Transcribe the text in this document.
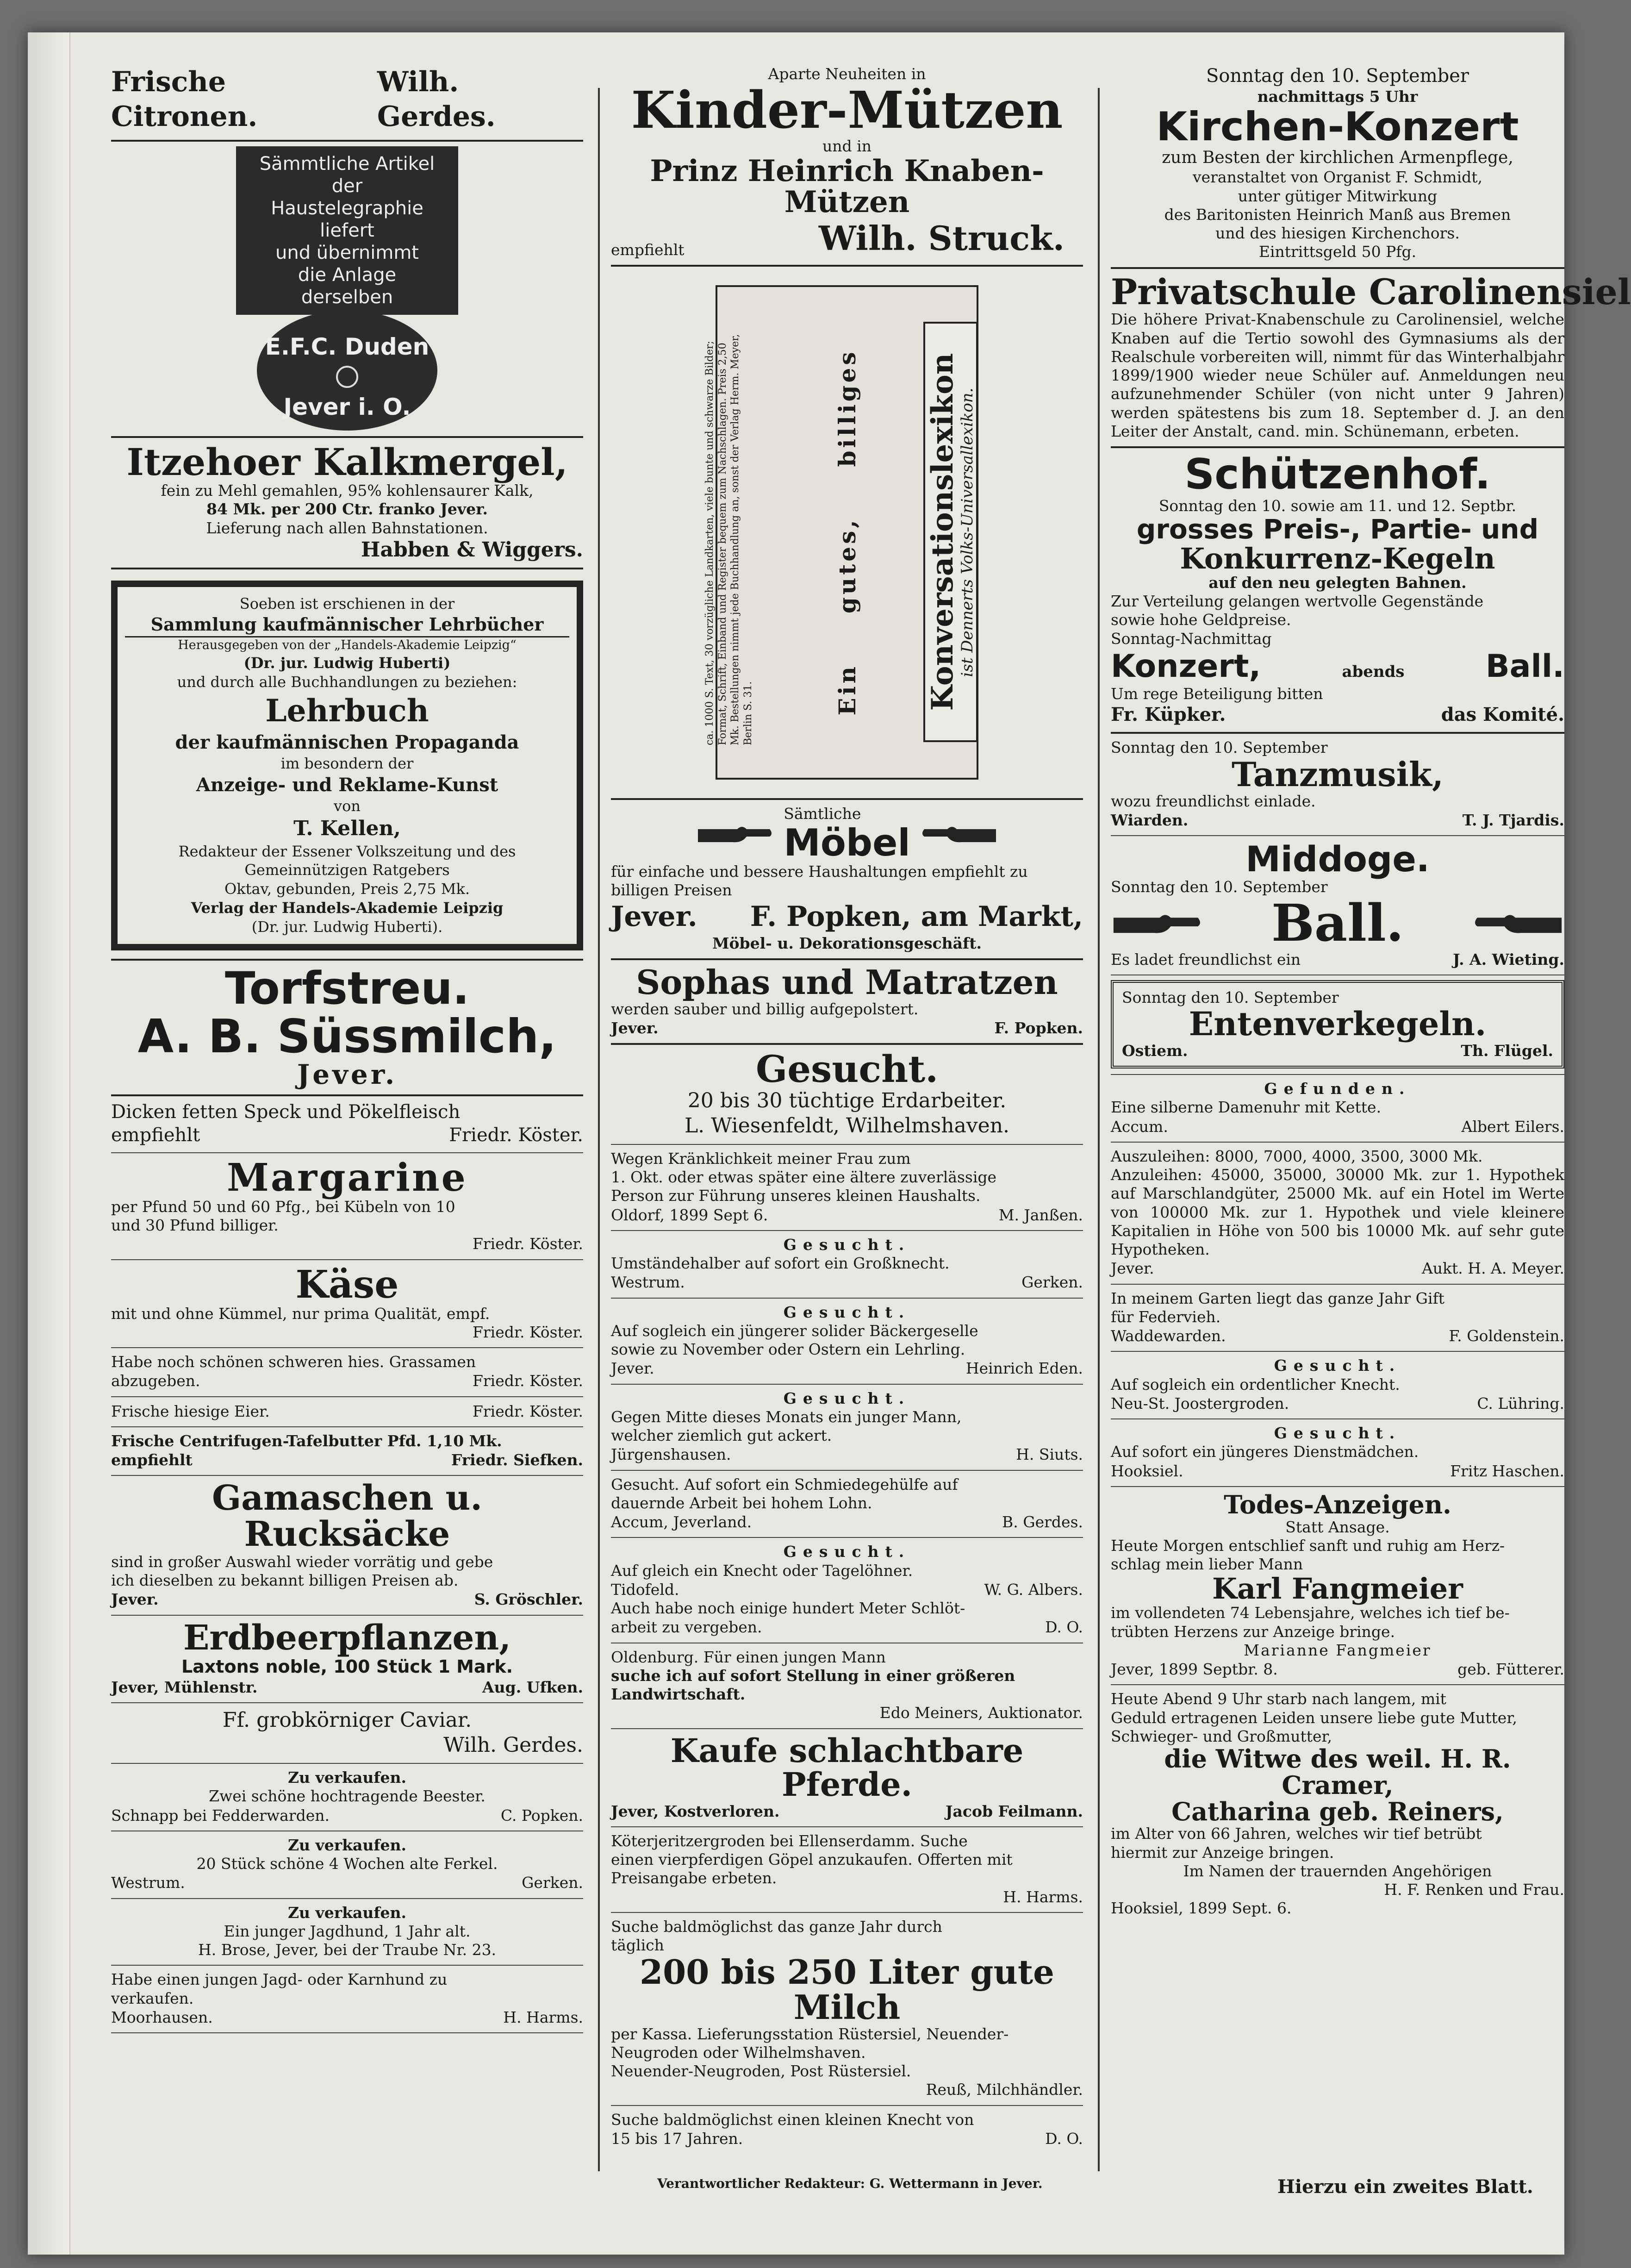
Frische Citronen.
Wilh. Gerdes.
Sämmtliche Artikel
der
Haustelegraphie
liefert
und übernimmt
die Anlage
derselben
E.F.C. Duden
Jever i. O.
Itzehoer Kalkmergel,
fein zu Mehl gemahlen, 95% kohlensaurer Kalk,
84 Mk. per 200 Ctr. franko Jever.
Lieferung nach allen Bahnstationen.
Habben & Wiggers.
Soeben ist erschienen in der
Sammlung kaufmännischer Lehrbücher
Herausgegeben von der „Handels-Akademie Leipzig“
(Dr. jur. Ludwig Huberti)
und durch alle Buchhandlungen zu beziehen:
Lehrbuch
der kaufmännischen Propaganda
im besondern der
Anzeige- und Reklame-Kunst
von
T. Kellen,
Redakteur der Essener Volkszeitung und des
Gemeinnützigen Ratgebers
Oktav, gebunden, Preis 2,75 Mk.
Verlag der Handels-Akademie Leipzig
(Dr. jur. Ludwig Huberti).
Torfstreu.
A. B. Süssmilch,
Jever.
Dicken fetten Speck und Pökelfleisch
empfiehlt	Friedr. Köster.
Margarine
per Pfund 50 und 60 Pfg., bei Kübeln von 10
und 30 Pfund billiger.
Friedr. Köster.
Käse
mit und ohne Kümmel, nur prima Qualität, empf.
Friedr. Köster.
Habe noch schönen schweren hies. Grassamen
abzugeben.	Friedr. Köster.
Frische hiesige Eier.	Friedr. Köster.
Frische Centrifugen-Tafelbutter Pfd. 1,10 Mk.
empfiehlt	Friedr. Siefken.
Gamaschen u. Rucksäcke
sind in großer Auswahl wieder vorrätig und gebe
ich dieselben zu bekannt billigen Preisen ab.
Jever.	S. Gröschler.
Erdbeerpflanzen,
Laxtons noble, 100 Stück 1 Mark.
Jever, Mühlenstr.	Aug. Ufken.
Ff. grobkörniger Caviar.
Wilh. Gerdes.
Zu verkaufen.
Zwei schöne hochtragende Beester.
Schnapp bei Fedderwarden.	C. Popken.
Zu verkaufen.
20 Stück schöne 4 Wochen alte Ferkel.
Westrum.	Gerken.
Zu verkaufen.
Ein junger Jagdhund, 1 Jahr alt.
H. Brose, Jever, bei der Traube Nr. 23.
Habe einen jungen Jagd- oder Karnhund zu
verkaufen.
Moorhausen.	H. Harms.
Aparte Neuheiten in
Kinder-Mützen
und in
Prinz Heinrich Knaben-Mützen
empfiehlt	Wilh. Struck.
Ein
gutes,
billiges Konversationslexikon
ist Dennerts Volks-Universallexikon.
ca. 1000 S. Text, 30 vorzügliche Landkarten, viele bunte und schwarze Bilder; Format, Schrift, Einband und Register bequem zum Nachschlagen. Preis 2,50 Mk. Bestellungen nimmt jede Buchhandlung an, sonst der Verlag Herm. Meyer, Berlin S. 31.
Sämtliche
Möbel
für einfache und bessere Haushaltungen empfiehlt zu
billigen Preisen
Jever. F. Popken, am Markt,
Möbel- u. Dekorationsgeschäft.
Sophas und Matratzen
werden sauber und billig aufgepolstert.
Jever.	F. Popken.
Gesucht.
20 bis 30 tüchtige Erdarbeiter.
L. Wiesenfeldt, Wilhelmshaven.
Wegen Kränklichkeit meiner Frau zum
1. Okt. oder etwas später eine ältere zuverlässige
Person zur Führung unseres kleinen Haushalts.
Oldorf, 1899 Sept 6.	M. Janßen.
Gesucht.
Umständehalber auf sofort ein Großknecht.
Westrum.	Gerken.
Gesucht.
Auf sogleich ein jüngerer solider Bäckergeselle
sowie zu November oder Ostern ein Lehrling.
Jever.	Heinrich Eden.
Gesucht.
Gegen Mitte dieses Monats ein junger Mann,
welcher ziemlich gut ackert.
Jürgenshausen.	H. Siuts.
Gesucht. Auf sofort ein Schmiedegehülfe auf
dauernde Arbeit bei hohem Lohn.
Accum, Jeverland.	B. Gerdes.
Gesucht.
Auf gleich ein Knecht oder Tagelöhner.
Tidofeld.	W. G. Albers.
Auch habe noch einige hundert Meter Schlöt-
arbeit zu vergeben.	D. O.
Oldenburg. Für einen jungen Mann
suche ich auf sofort Stellung in einer größeren
Landwirtschaft.
Edo Meiners, Auktionator.
Kaufe schlachtbare Pferde.
Jever, Kostverloren.	Jacob Feilmann.
Köterjeritzergroden bei Ellenserdamm. Suche
einen vierpferdigen Göpel anzukaufen. Offerten mit
Preisangabe erbeten.
H. Harms.
Suche baldmöglichst das ganze Jahr durch
täglich
200 bis 250 Liter gute Milch
per Kassa. Lieferungsstation Rüstersiel, Neuender-
Neugroden oder Wilhelmshaven.
Neuender-Neugroden, Post Rüstersiel.
Reuß, Milchhändler.
Suche baldmöglichst einen kleinen Knecht von
15 bis 17 Jahren.	D. O.
Verantwortlicher Redakteur: G. Wettermann in Jever.
Sonntag den 10. September
nachmittags 5 Uhr
Kirchen-Konzert
zum Besten der kirchlichen Armenpflege,
veranstaltet von Organist F. Schmidt,
unter gütiger Mitwirkung
des Baritonisten Heinrich Manß aus Bremen
und des hiesigen Kirchenchors.
Eintrittsgeld 50 Pfg.
Privatschule Carolinensiel
Die höhere Privat-Knabenschule zu Carolinensiel, welche Knaben auf die Tertio sowohl des Gymnasiums als der Realschule vorbereiten will, nimmt für das Winterhalbjahr 1899/1900 wieder neue Schüler auf. Anmeldungen neu aufzunehmender Schüler (von nicht unter 9 Jahren) werden spätestens bis zum 18. September d. J. an den Leiter der Anstalt, cand. min. Schünemann, erbeten.
Schützenhof.
Sonntag den 10. sowie am 11. und 12. Septbr.
grosses Preis-, Partie- und
Konkurrenz-Kegeln
auf den neu gelegten Bahnen.
Zur Verteilung gelangen wertvolle Gegenstände
sowie hohe Geldpreise.
Sonntag-Nachmittag
Konzert,	abends	Ball.
Um rege Beteiligung bitten
Fr. Küpker.	das Komité.
Sonntag den 10. September
Tanzmusik,
wozu freundlichst einlade.
Wiarden.	T. J. Tjardis.
Middoge.
Sonntag den 10. September
Ball.
Es ladet freundlichst ein	J. A. Wieting.
Sonntag den 10. September
Entenverkegeln.
Ostiem.	Th. Flügel.
Gefunden.
Eine silberne Damenuhr mit Kette.
Accum.	Albert Eilers.
Auszuleihen: 8000, 7000, 4000, 3500, 3000 Mk.
Anzuleihen: 45000, 35000, 30000 Mk. zur 1. Hypothek auf Marschlandgüter, 25000 Mk. auf ein Hotel im Werte von 100000 Mk. zur 1. Hypothek und viele kleinere Kapitalien in Höhe von 500 bis 10000 Mk. auf sehr gute Hypotheken.
Jever.	Aukt. H. A. Meyer.
In meinem Garten liegt das ganze Jahr Gift
für Federvieh.
Waddewarden.	F. Goldenstein.
Gesucht.
Auf sogleich ein ordentlicher Knecht.
Neu-St. Joostergroden.	C. Lühring.
Gesucht.
Auf sofort ein jüngeres Dienstmädchen.
Hooksiel.	Fritz Haschen.
Todes-Anzeigen.
Statt Ansage.
Heute Morgen entschlief sanft und ruhig am Herz-
schlag mein lieber Mann
Karl Fangmeier
im vollendeten 74 Lebensjahre, welches ich tief be-
trübten Herzens zur Anzeige bringe.
Marianne Fangmeier
Jever, 1899 Septbr. 8.	geb. Fütterer.
Heute Abend 9 Uhr starb nach langem, mit
Geduld ertragenen Leiden unsere liebe gute Mutter,
Schwieger- und Großmutter,
die Witwe des weil. H. R. Cramer,
Catharina geb. Reiners,
im Alter von 66 Jahren, welches wir tief betrübt
hiermit zur Anzeige bringen.
Im Namen der trauernden Angehörigen
H. F. Renken und Frau.
Hooksiel, 1899 Sept. 6.
Hierzu ein zweites Blatt.
